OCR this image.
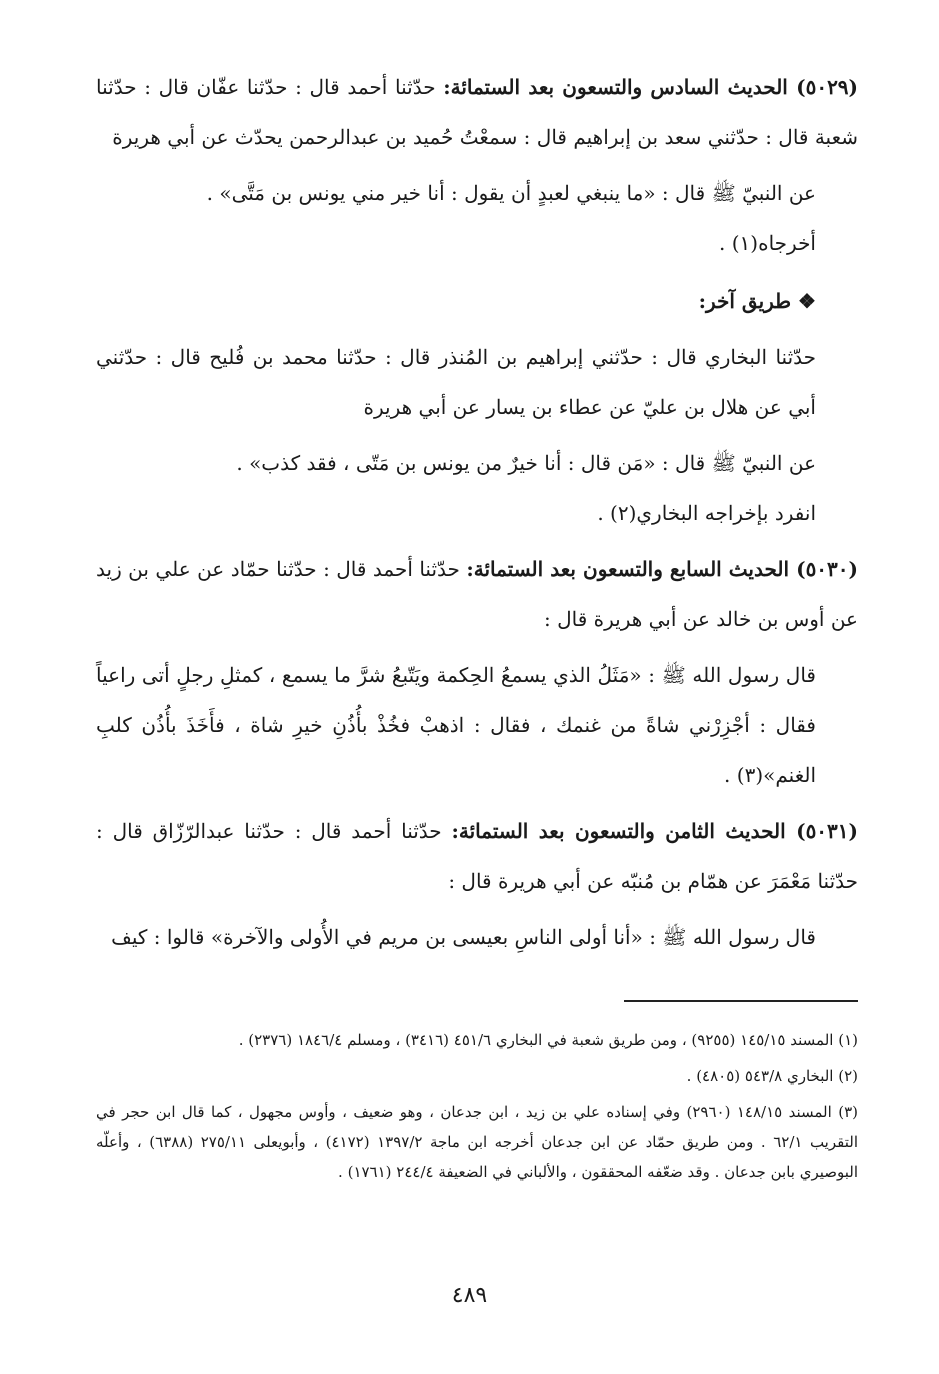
(٥٠٢٩) الحديث السادس والتسعون بعد الستمائة: حدّثنا أحمد قال : حدّثنا عفّان قال : حدّثنا شعبة قال : حدّثني سعد بن إبراهيم قال : سمعْتُ حُميد بن عبدالرحمن يحدّث عن أبي هريرة

عن النبيّ ﷺ قال : «ما ينبغي لعبدٍ أن يقول : أنا خير مني يونس بن مَتَّى» .

أخرجاه(١) .

❖ طريق آخر:

حدّثنا البخاري قال : حدّثني إبراهيم بن المُنذر قال : حدّثنا محمد بن فُليح قال : حدّثني أبي عن هلال بن عليّ عن عطاء بن يسار عن أبي هريرة

عن النبيّ ﷺ قال : «مَن قال : أنا خيرٌ من يونس بن مَتّى ، فقد كذب» .

انفرد بإخراجه البخاري(٢) .

(٥٠٣٠) الحديث السابع والتسعون بعد الستمائة: حدّثنا أحمد قال : حدّثنا حمّاد عن علي بن زيد عن أوس بن خالد عن أبي هريرة قال :

قال رسول الله ﷺ : «مَثَلُ الذي يسمعُ الحِكمة ويَتّبعُ شرَّ ما يسمع ، كمثلِ رجلٍ أتى راعياً فقال : أجْزِرْني شاةً من غنمك ، فقال : اذهبْ فخُذْ بأُذُنِ خيرِ شاة ، فأَخَذَ بأُذُن كلبِ الغنم»(٣) .

(٥٠٣١) الحديث الثامن والتسعون بعد الستمائة: حدّثنا أحمد قال : حدّثنا عبدالرّزّاق قال : حدّثنا مَعْمَرَ عن همّام بن مُنبّه عن أبي هريرة قال :

قال رسول الله ﷺ : «أنا أولى الناسِ بعيسى بن مريم في الأُولى والآخرة» قالوا : كيف

(١) المسند ١٤٥/١٥ (٩٢٥٥) ، ومن طريق شعبة في البخاري ٤٥١/٦ (٣٤١٦) ، ومسلم ١٨٤٦/٤ (٢٣٧٦) .

(٢) البخاري ٥٤٣/٨ (٤٨٠٥) .

(٣) المسند ١٤٨/١٥ (٢٩٦٠) وفي إسناده علي بن زيد ، ابن جدعان ، وهو ضعيف ، وأوس مجهول ، كما قال ابن حجر في التقريب ٦٢/١ . ومن طريق حمّاد عن ابن جدعان أخرجه ابن ماجة ١٣٩٧/٢ (٤١٧٢) ، وأبويعلى ٢٧٥/١١ (٦٣٨٨) ، وأعلّه البوصيري بابن جدعان . وقد ضعّفه المحققون ، والألباني في الضعيفة ٢٤٤/٤ (١٧٦١) .

٤٨٩
